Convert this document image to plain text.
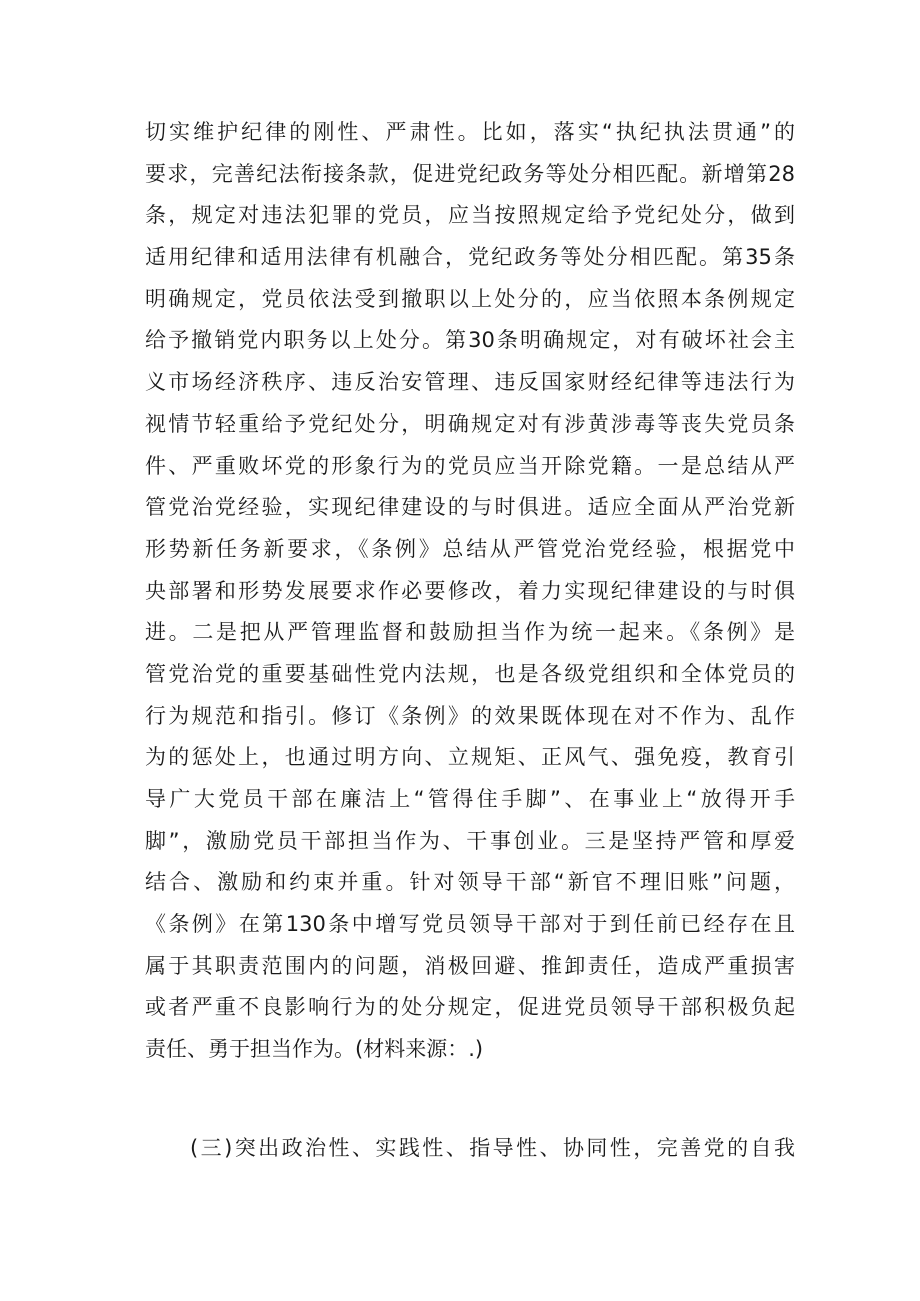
切实维护纪律的刚性、严肃性。比如，落实“执纪执法贯通”的
要求，完善纪法衔接条款，促进党纪政务等处分相匹配。新增第28
条，规定对违法犯罪的党员，应当按照规定给予党纪处分，做到
适用纪律和适用法律有机融合，党纪政务等处分相匹配。第35条
明确规定，党员依法受到撤职以上处分的，应当依照本条例规定
给予撤销党内职务以上处分。第30条明确规定，对有破坏社会主
义市场经济秩序、违反治安管理、违反国家财经纪律等违法行为
视情节轻重给予党纪处分，明确规定对有涉黄涉毒等丧失党员条
件、严重败坏党的形象行为的党员应当开除党籍。一是总结从严
管党治党经验，实现纪律建设的与时俱进。适应全面从严治党新
形势新任务新要求，《条例》总结从严管党治党经验，根据党中
央部署和形势发展要求作必要修改，着力实现纪律建设的与时俱
进。二是把从严管理监督和鼓励担当作为统一起来。《条例》是
管党治党的重要基础性党内法规，也是各级党组织和全体党员的
行为规范和指引。修订《条例》的效果既体现在对不作为、乱作
为的惩处上，也通过明方向、立规矩、正风气、强免疫，教育引
导广大党员干部在廉洁上“管得住手脚”、在事业上“放得开手
脚”，激励党员干部担当作为、干事创业。三是坚持严管和厚爱
结合、激励和约束并重。针对领导干部“新官不理旧账”问题，
《条例》在第130条中增写党员领导干部对于到任前已经存在且
属于其职责范围内的问题，消极回避、推卸责任，造成严重损害
或者严重不良影响行为的处分规定，促进党员领导干部积极负起
责任、勇于担当作为。(材料来源：.)
(三)突出政治性、实践性、指导性、协同性，完善党的自我
